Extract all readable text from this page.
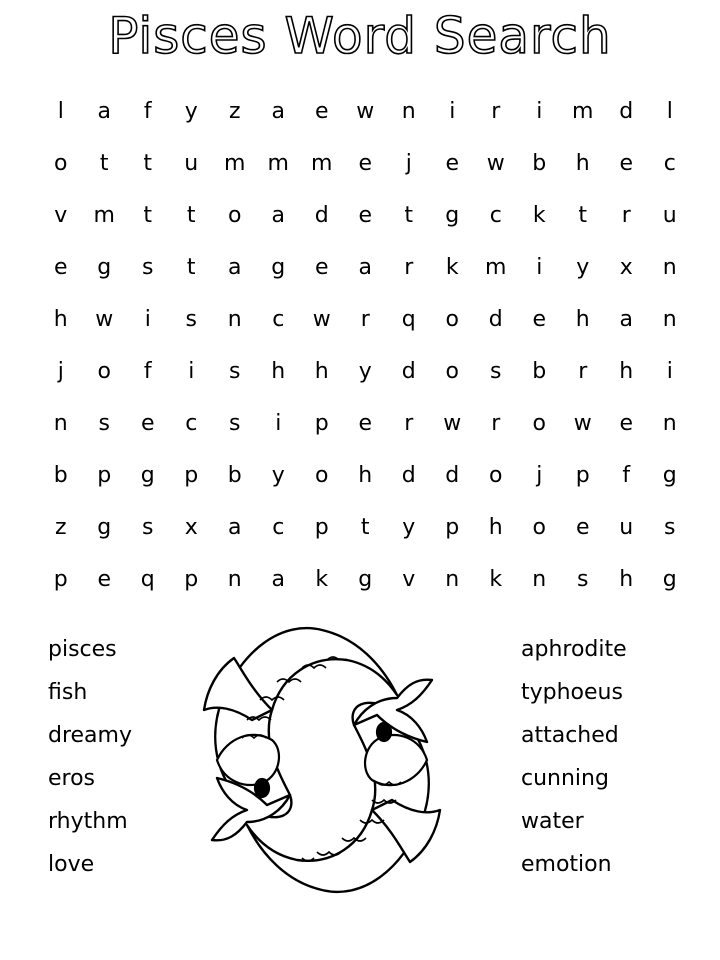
Pisces Word Search
l	a	f	y	z	a	e	w	n	i	r	i	m	d	l
o	t	t	u	m	m	m	e	j	e	w	b	h	e	c
v	m	t	t	o	a	d	e	t	g	c	k	t	r	u
e	g	s	t	a	g	e	a	r	k	m	i	y	x	n
h	w	i	s	n	c	w	r	q	o	d	e	h	a	n
j	o	f	i	s	h	h	y	d	o	s	b	r	h	i
n	s	e	c	s	i	p	e	r	w	r	o	w	e	n
b	p	g	p	b	y	o	h	d	d	o	j	p	f	g
z	g	s	x	a	c	p	t	y	p	h	o	e	u	s
p	e	q	p	n	a	k	g	v	n	k	n	s	h	g
pisces
fish
dreamy
eros
rhythm
love
aphrodite
typhoeus
attached
cunning
water
emotion
